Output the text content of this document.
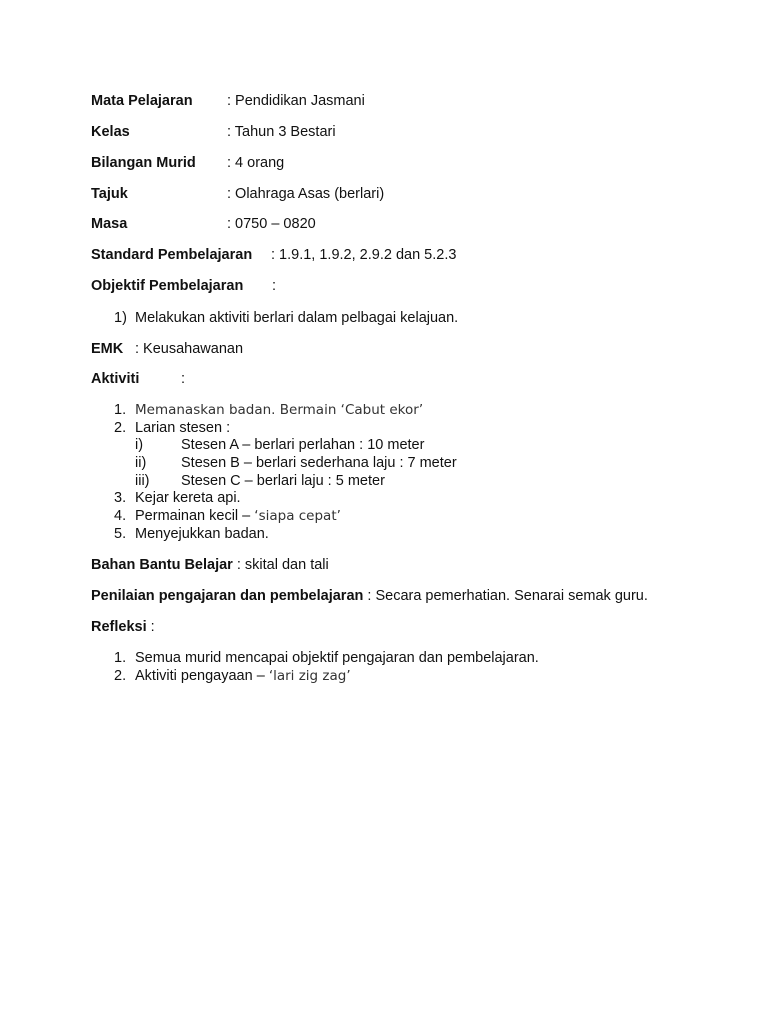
Mata Pelajaran : Pendidikan Jasmani
Kelas	: Tahun 3 Bestari
Bilangan Murid : 4 orang
Tajuk	: Olahraga Asas (berlari)
Masa	: 0750 – 0820
Standard Pembelajaran : 1.9.1, 1.9.2, 2.9.2 dan 5.2.3
Objektif Pembelajaran :
1) Melakukan aktiviti berlari dalam pelbagai kelajuan.
EMK : Keusahawanan
Aktiviti	:
1. Memanaskan badan. Bermain ‘Cabut ekor’
2. Larian stesen :
i)	Stesen A – berlari perlahan : 10 meter
ii) Stesen B – berlari sederhana laju : 7 meter
iii) Stesen C – berlari laju : 5 meter
3. Kejar kereta api.
4. Permainan kecil – ‘siapa cepat’
5. Menyejukkan badan.
Bahan Bantu Belajar : skital dan tali
Penilaian pengajaran dan pembelajaran : Secara pemerhatian. Senarai semak guru.
Refleksi :
1. Semua murid mencapai objektif pengajaran dan pembelajaran.
2. Aktiviti pengayaan – ‘lari zig zag’
